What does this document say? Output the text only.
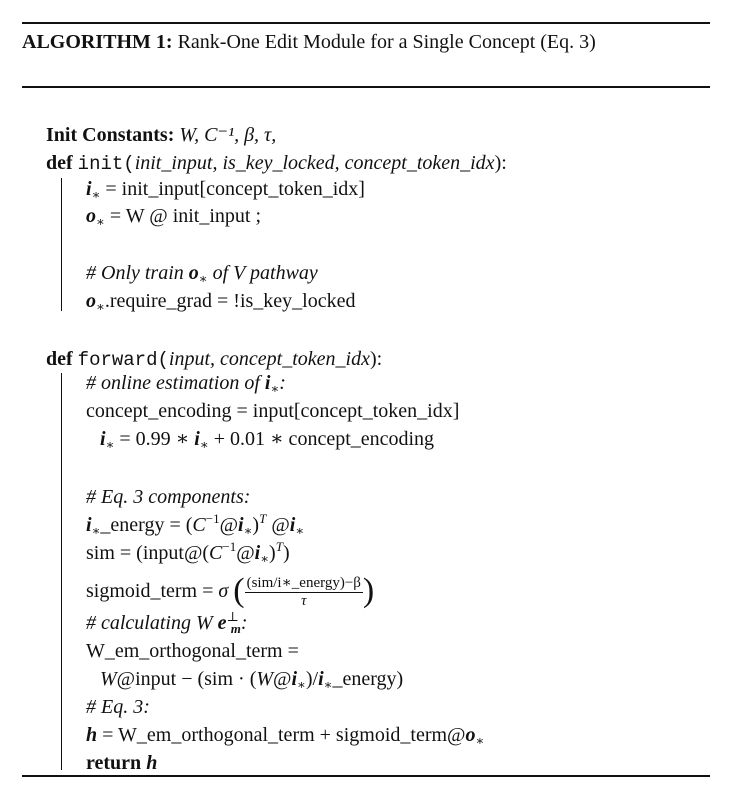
ALGORITHM 1: Rank-One Edit Module for a Single Concept (Eq. 3)
Init Constants: W, C⁻¹, β, τ,
def init(init_input, is_key_locked, concept_token_idx):
$i_∗$ = init_input[concept_token_idx]
$o_∗ = W$ @ init_input ;
# Only train $o_∗$ of V pathway
$o_∗.require\_grad$ = !is_key_locked
def forward(input, concept_token_idx):
# online estimation of $i_∗$:
concept_encoding = input[concept_token_idx]
$i_∗ = 0.99$ ∗ $i_∗ + 0.01$ ∗ concept_encoding
# Eq. 3 components:
$i_∗\_energy$ = $(C^{-1}@i_∗)^T$ $@i_∗$
sim = $(input@(C^{-1}@i_∗)^T)$
sigmoid_term = σ ( $\frac{\text{(sim/i∗\_energy)−β}}{\tau}$ )
# calculating W $e^\perp_m$:
W_em_orthogonal_term =
W@input − $(sim \cdot (W@i_∗)/i_∗\_energy)$
# Eq. 3:
h = W_em_orthogonal_term + $sigmoid\_term@o_∗$
return h
